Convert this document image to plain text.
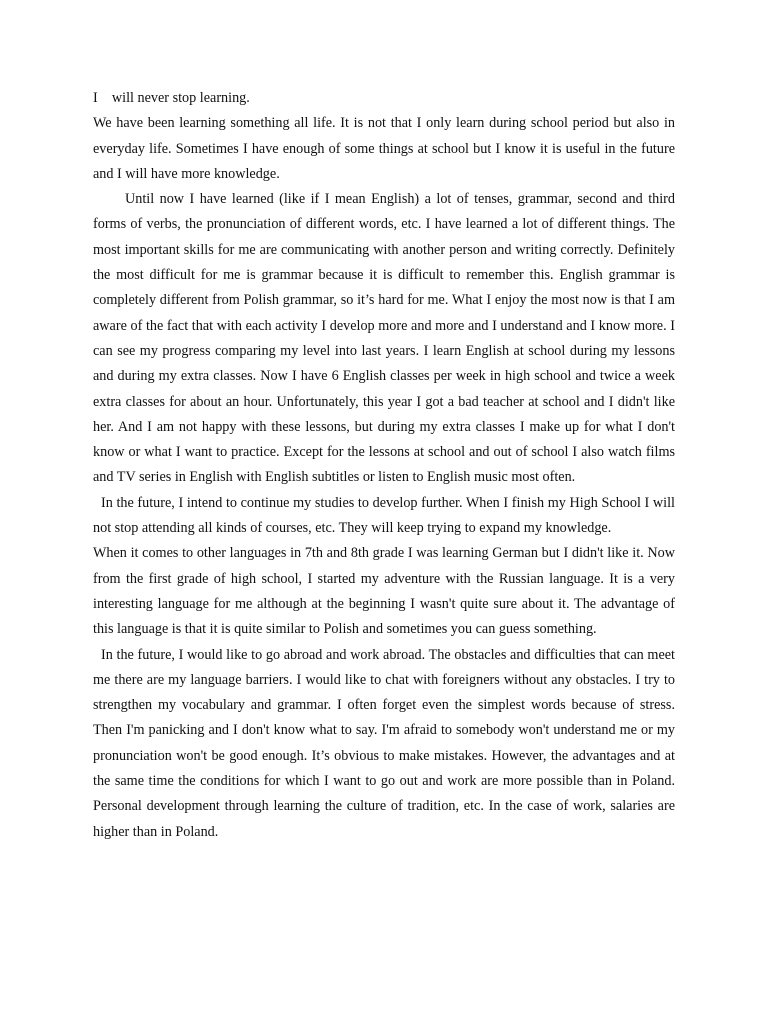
I    will never stop learning.

We have been learning something all life. It is not that I only learn during school period but also in everyday life. Sometimes I have enough of some things at school but I know it is useful in the future and I will have more knowledge.

Until now I have learned (like if I mean English) a lot of tenses, grammar, second and third forms of verbs, the pronunciation of different words, etc. I have learned a lot of different things. The most important skills for me are communicating with another person and writing correctly. Definitely the most difficult for me is grammar because it is difficult to remember this. English grammar is completely different from Polish grammar, so it’s hard for me. What I enjoy the most now is that I am aware of the fact that with each activity I develop more and more and I understand and I know more. I can see my progress comparing my level into last years. I learn English at school during my lessons and during my extra classes. Now I have 6 English classes per week in high school and twice a week extra classes for about an hour. Unfortunately, this year I got a bad teacher at school and I didn't like her. And I am not happy with these lessons, but during my extra classes I make up for what I don't know or what I want to practice. Except for the lessons at school and out of school I also watch films and TV series in English with English subtitles or listen to English music most often.

In the future, I intend to continue my studies to develop further. When I finish my High School I will not stop attending all kinds of courses, etc. They will keep trying to expand my knowledge.

When it comes to other languages in 7th and 8th grade I was learning German but I didn't like it. Now from the first grade of high school, I started my adventure with the Russian language. It is a very interesting language for me although at the beginning I wasn't quite sure about it. The advantage of this language is that it is quite similar to Polish and sometimes you can guess something.

In the future, I would like to go abroad and work abroad. The obstacles and difficulties that can meet me there are my language barriers. I would like to chat with foreigners without any obstacles. I try to strengthen my vocabulary and grammar. I often forget even the simplest words because of stress. Then I'm panicking and I don't know what to say. I'm afraid to somebody won't understand me or my pronunciation won't be good enough. It’s obvious to make mistakes. However, the advantages and at the same time the conditions for which I want to go out and work are more possible than in Poland. Personal development through learning the culture of tradition, etc. In the case of work, salaries are higher than in Poland.
